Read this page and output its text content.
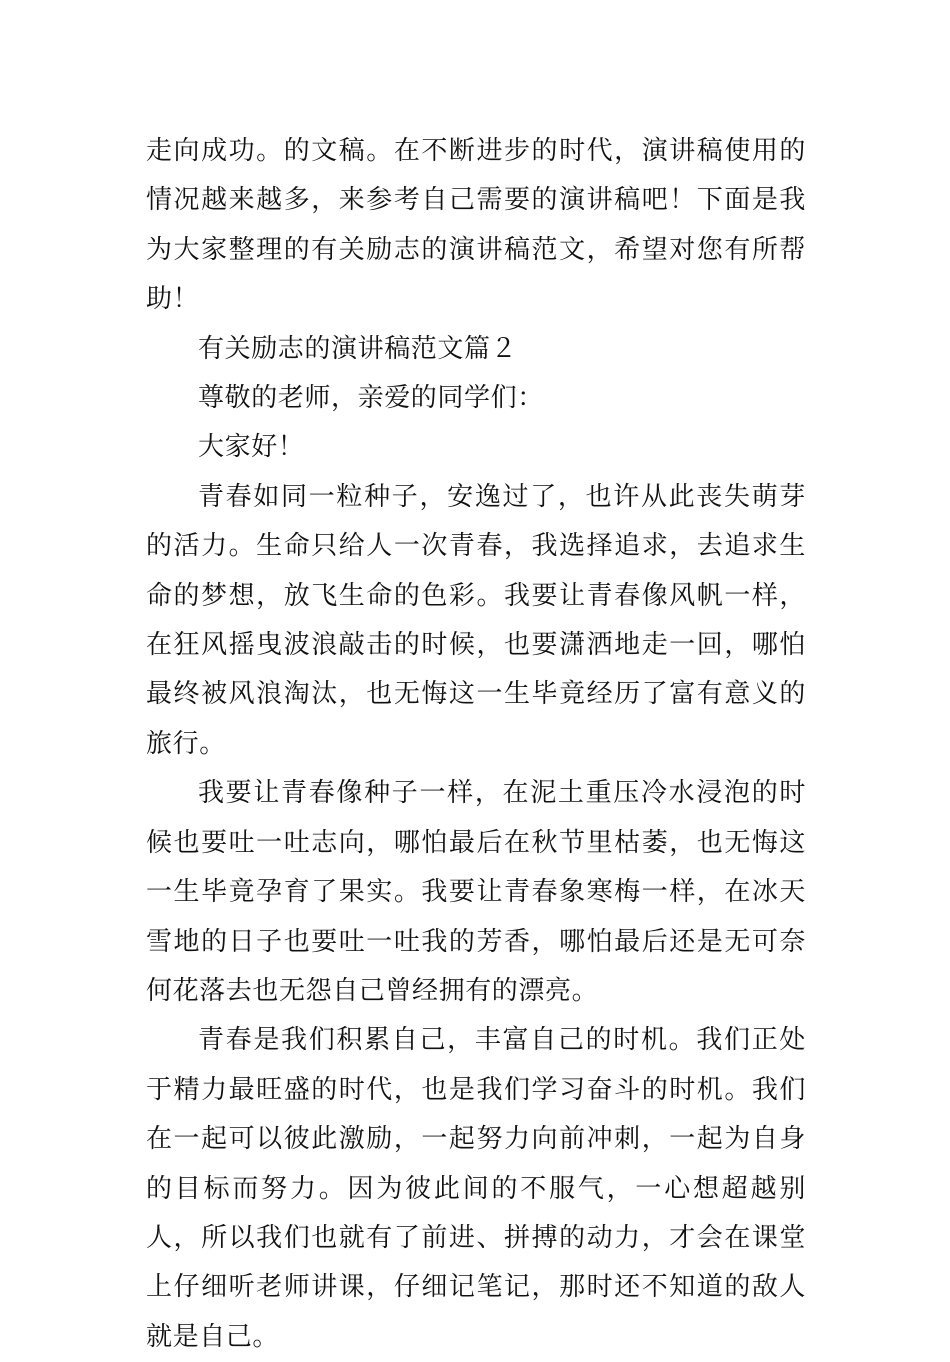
走向成功。的文稿。在不断进步的时代，演讲稿使用的情况越来越多，来参考自己需要的演讲稿吧！下面是我为大家整理的有关励志的演讲稿范文，希望对您有所帮助！

有关励志的演讲稿范文篇２

尊敬的老师，亲爱的同学们：

大家好！

青春如同一粒种子，安逸过了，也许从此丧失萌芽的活力。生命只给人一次青春，我选择追求，去追求生命的梦想，放飞生命的色彩。我要让青春像风帆一样，在狂风摇曳波浪敲击的时候，也要潇洒地走一回，哪怕最终被风浪淘汰，也无悔这一生毕竟经历了富有意义的旅行。

我要让青春像种子一样，在泥土重压冷水浸泡的时候也要吐一吐志向，哪怕最后在秋节里枯萎，也无悔这一生毕竟孕育了果实。我要让青春象寒梅一样，在冰天雪地的日子也要吐一吐我的芳香，哪怕最后还是无可奈何花落去也无怨自己曾经拥有的漂亮。

青春是我们积累自己，丰富自己的时机。我们正处于精力最旺盛的时代，也是我们学习奋斗的时机。我们在一起可以彼此激励，一起努力向前冲刺，一起为自身的目标而努力。因为彼此间的不服气，一心想超越别人，所以我们也就有了前进、拼搏的动力，才会在课堂上仔细听老师讲课，仔细记笔记，那时还不知道的敌人就是自己。
